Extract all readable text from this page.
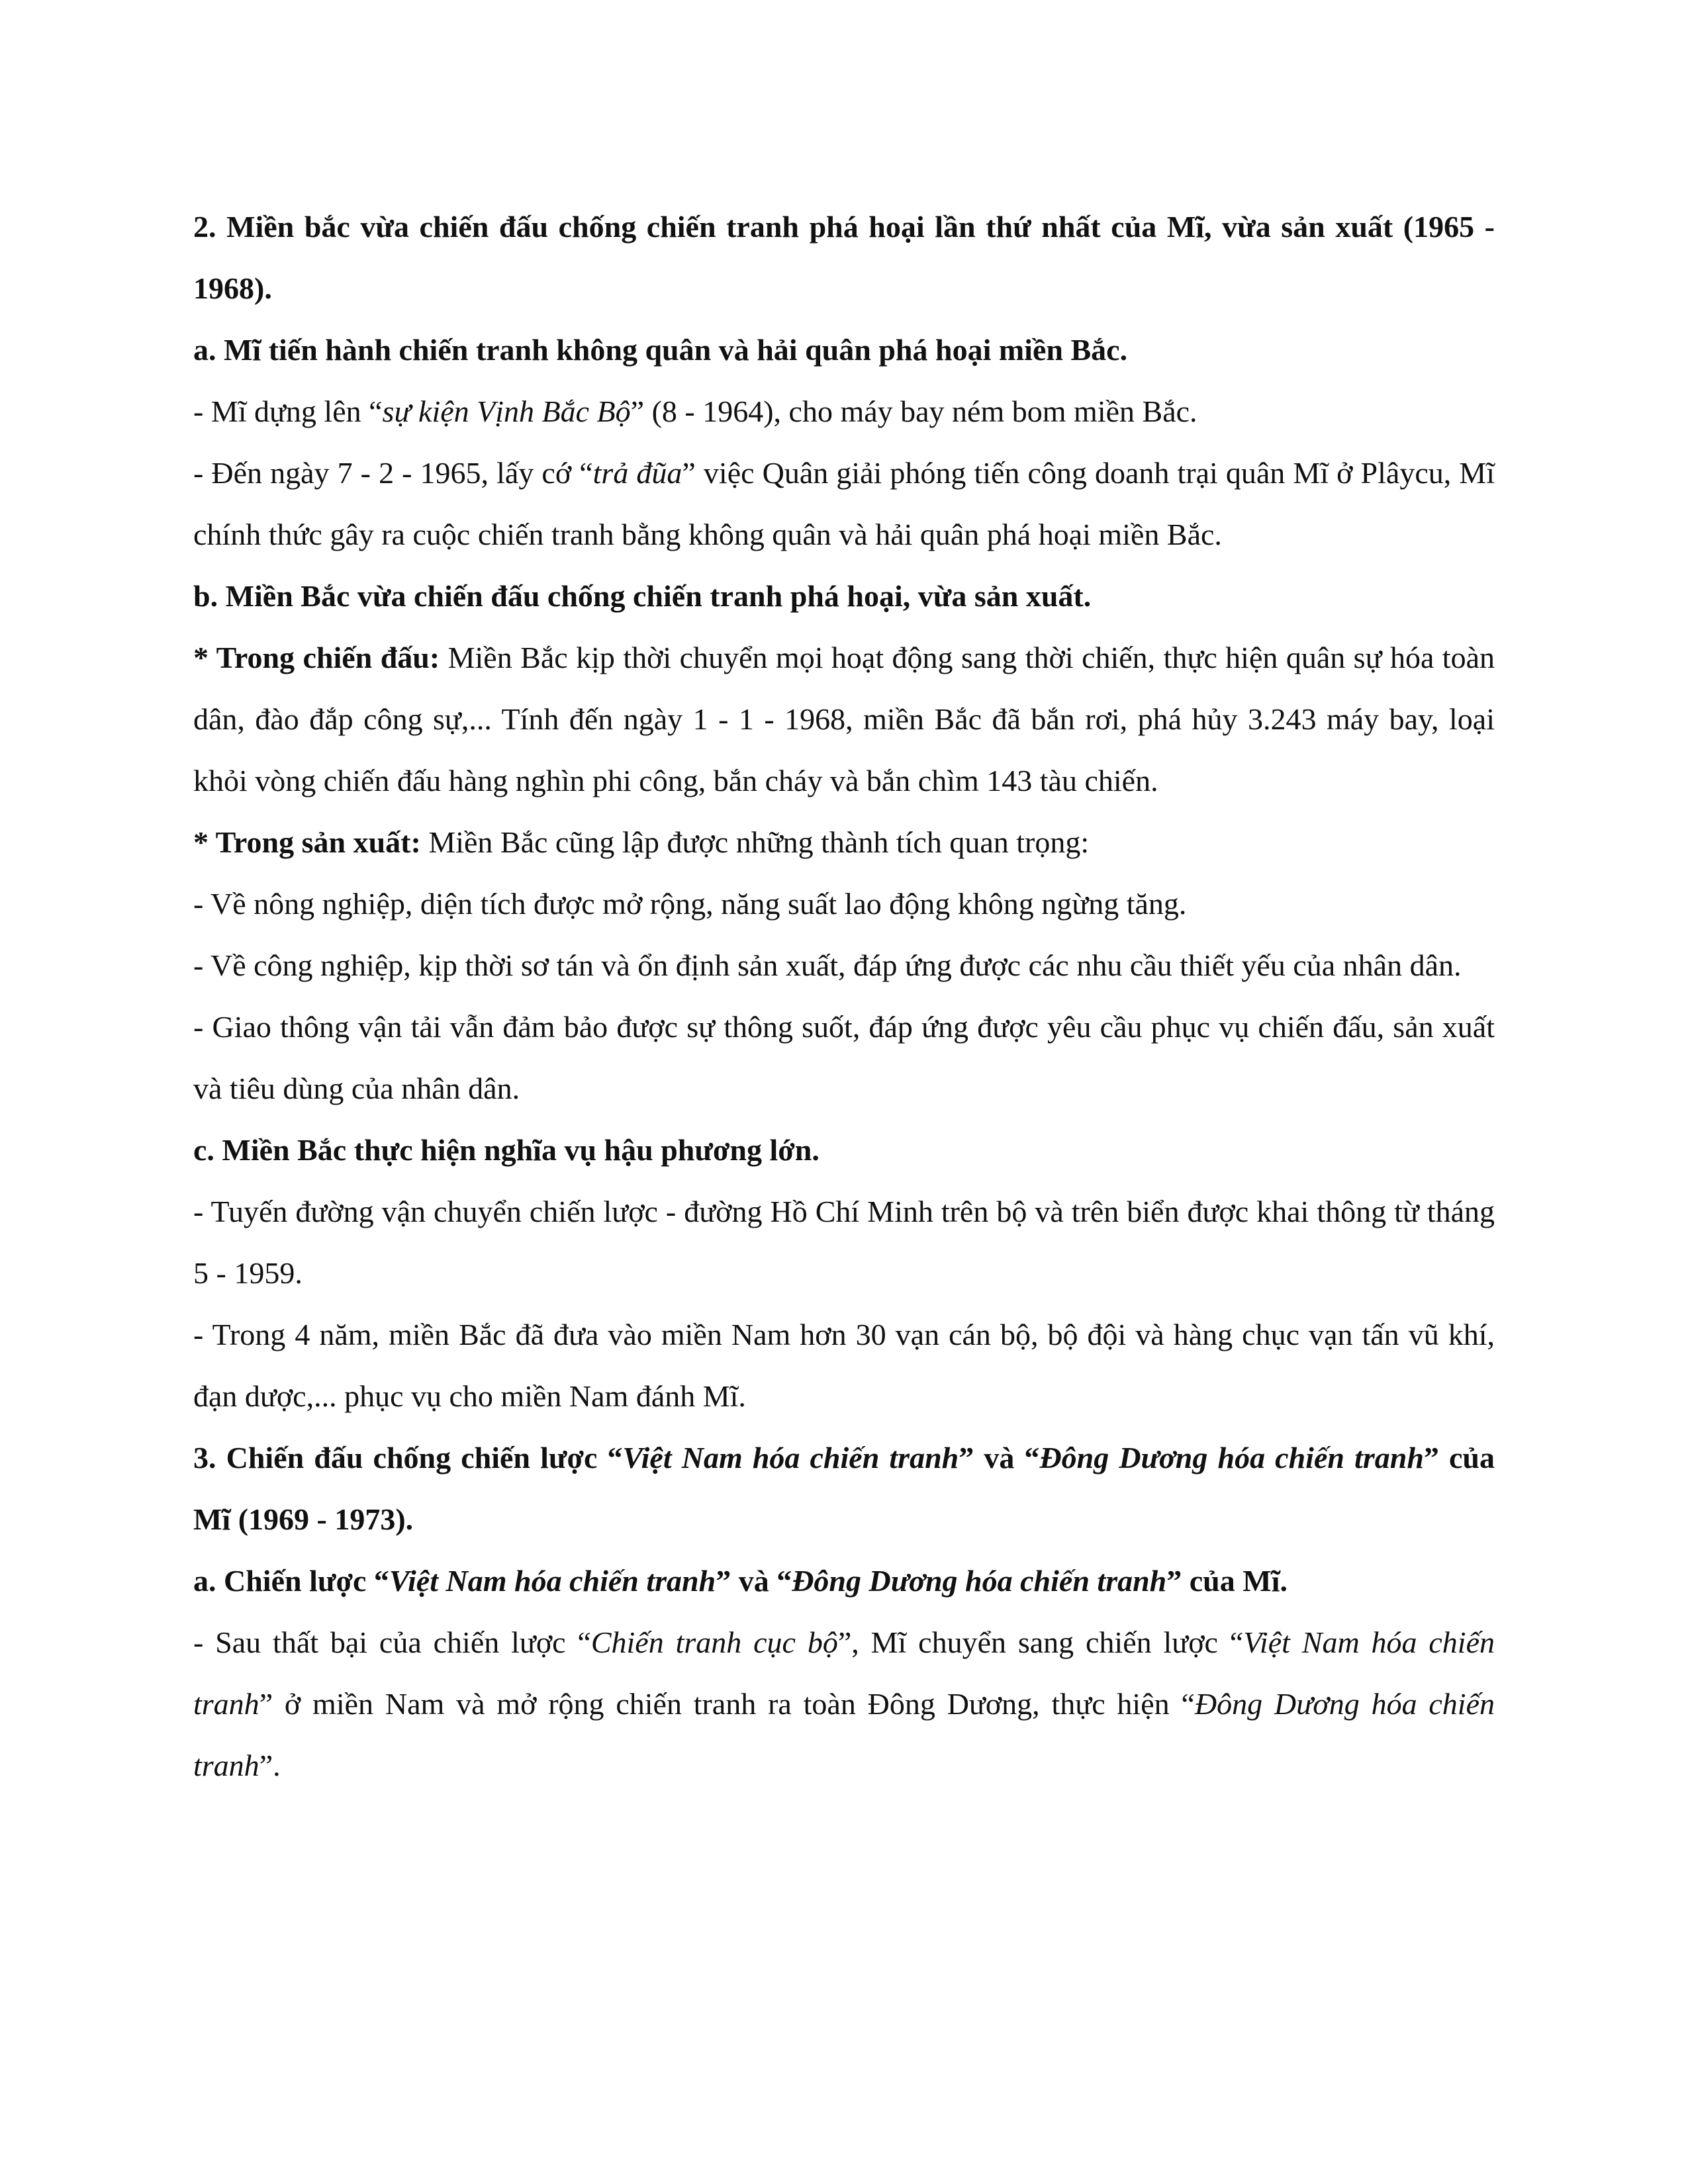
2. Miền bắc vừa chiến đấu chống chiến tranh phá hoại lần thứ nhất của Mĩ, vừa sản xuất (1965 - 1968).

a. Mĩ tiến hành chiến tranh không quân và hải quân phá hoại miền Bắc.

- Mĩ dựng lên “sự kiện Vịnh Bắc Bộ” (8 - 1964), cho máy bay ném bom miền Bắc.

- Đến ngày 7 - 2 - 1965, lấy cớ “trả đũa” việc Quân giải phóng tiến công doanh trại quân Mĩ ở Plâycu, Mĩ chính thức gây ra cuộc chiến tranh bằng không quân và hải quân phá hoại miền Bắc.

b. Miền Bắc vừa chiến đấu chống chiến tranh phá hoại, vừa sản xuất.

* Trong chiến đấu: Miền Bắc kịp thời chuyển mọi hoạt động sang thời chiến, thực hiện quân sự hóa toàn dân, đào đắp công sự,... Tính đến ngày 1 - 1 - 1968, miền Bắc đã bắn rơi, phá hủy 3.243 máy bay, loại khỏi vòng chiến đấu hàng nghìn phi công, bắn cháy và bắn chìm 143 tàu chiến.

* Trong sản xuất: Miền Bắc cũng lập được những thành tích quan trọng:

- Về nông nghiệp, diện tích được mở rộng, năng suất lao động không ngừng tăng.

- Về công nghiệp, kịp thời sơ tán và ổn định sản xuất, đáp ứng được các nhu cầu thiết yếu của nhân dân.

- Giao thông vận tải vẫn đảm bảo được sự thông suốt, đáp ứng được yêu cầu phục vụ chiến đấu, sản xuất và tiêu dùng của nhân dân.

c. Miền Bắc thực hiện nghĩa vụ hậu phương lớn.

- Tuyến đường vận chuyển chiến lược - đường Hồ Chí Minh trên bộ và trên biển được khai thông từ tháng 5 - 1959.

- Trong 4 năm, miền Bắc đã đưa vào miền Nam hơn 30 vạn cán bộ, bộ đội và hàng chục vạn tấn vũ khí, đạn dược,... phục vụ cho miền Nam đánh Mĩ.

3. Chiến đấu chống chiến lược “Việt Nam hóa chiến tranh” và “Đông Dương hóa chiến tranh” của Mĩ (1969 - 1973).

a. Chiến lược “Việt Nam hóa chiến tranh” và “Đông Dương hóa chiến tranh” của Mĩ.

- Sau thất bại của chiến lược “Chiến tranh cục bộ”, Mĩ chuyển sang chiến lược “Việt Nam hóa chiến tranh” ở miền Nam và mở rộng chiến tranh ra toàn Đông Dương, thực hiện “Đông Dương hóa chiến tranh”.
